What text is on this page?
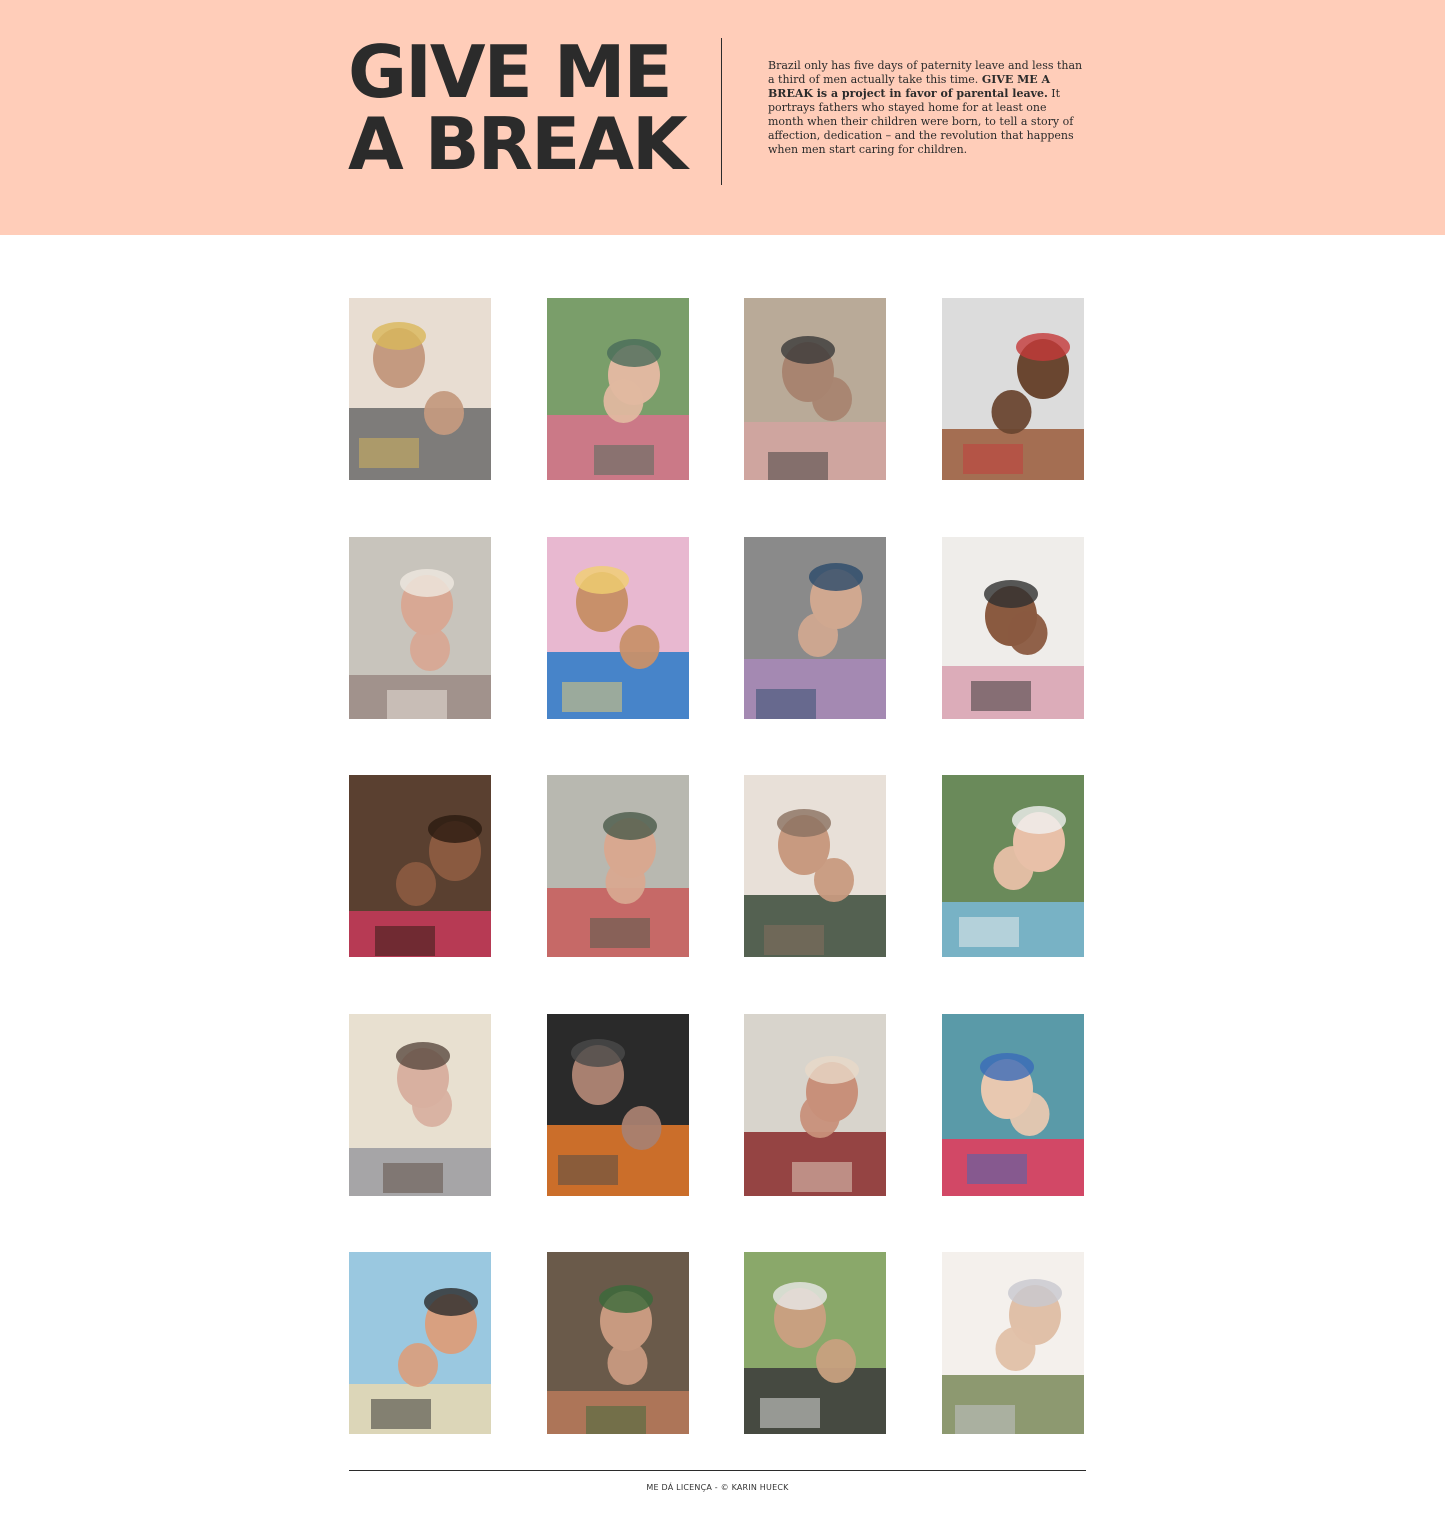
GIVE ME
A BREAK

Brazil only has five days of paternity leave and less than a third of men actually take this time. GIVE ME A BREAK is a project in favor of parental leave. It portrays fathers who stayed home for at least one month when their children were born, to tell a story of affection, dedication – and the revolution that happens when men start caring for children.

ME DÁ LICENÇA - © KARIN HUECK
